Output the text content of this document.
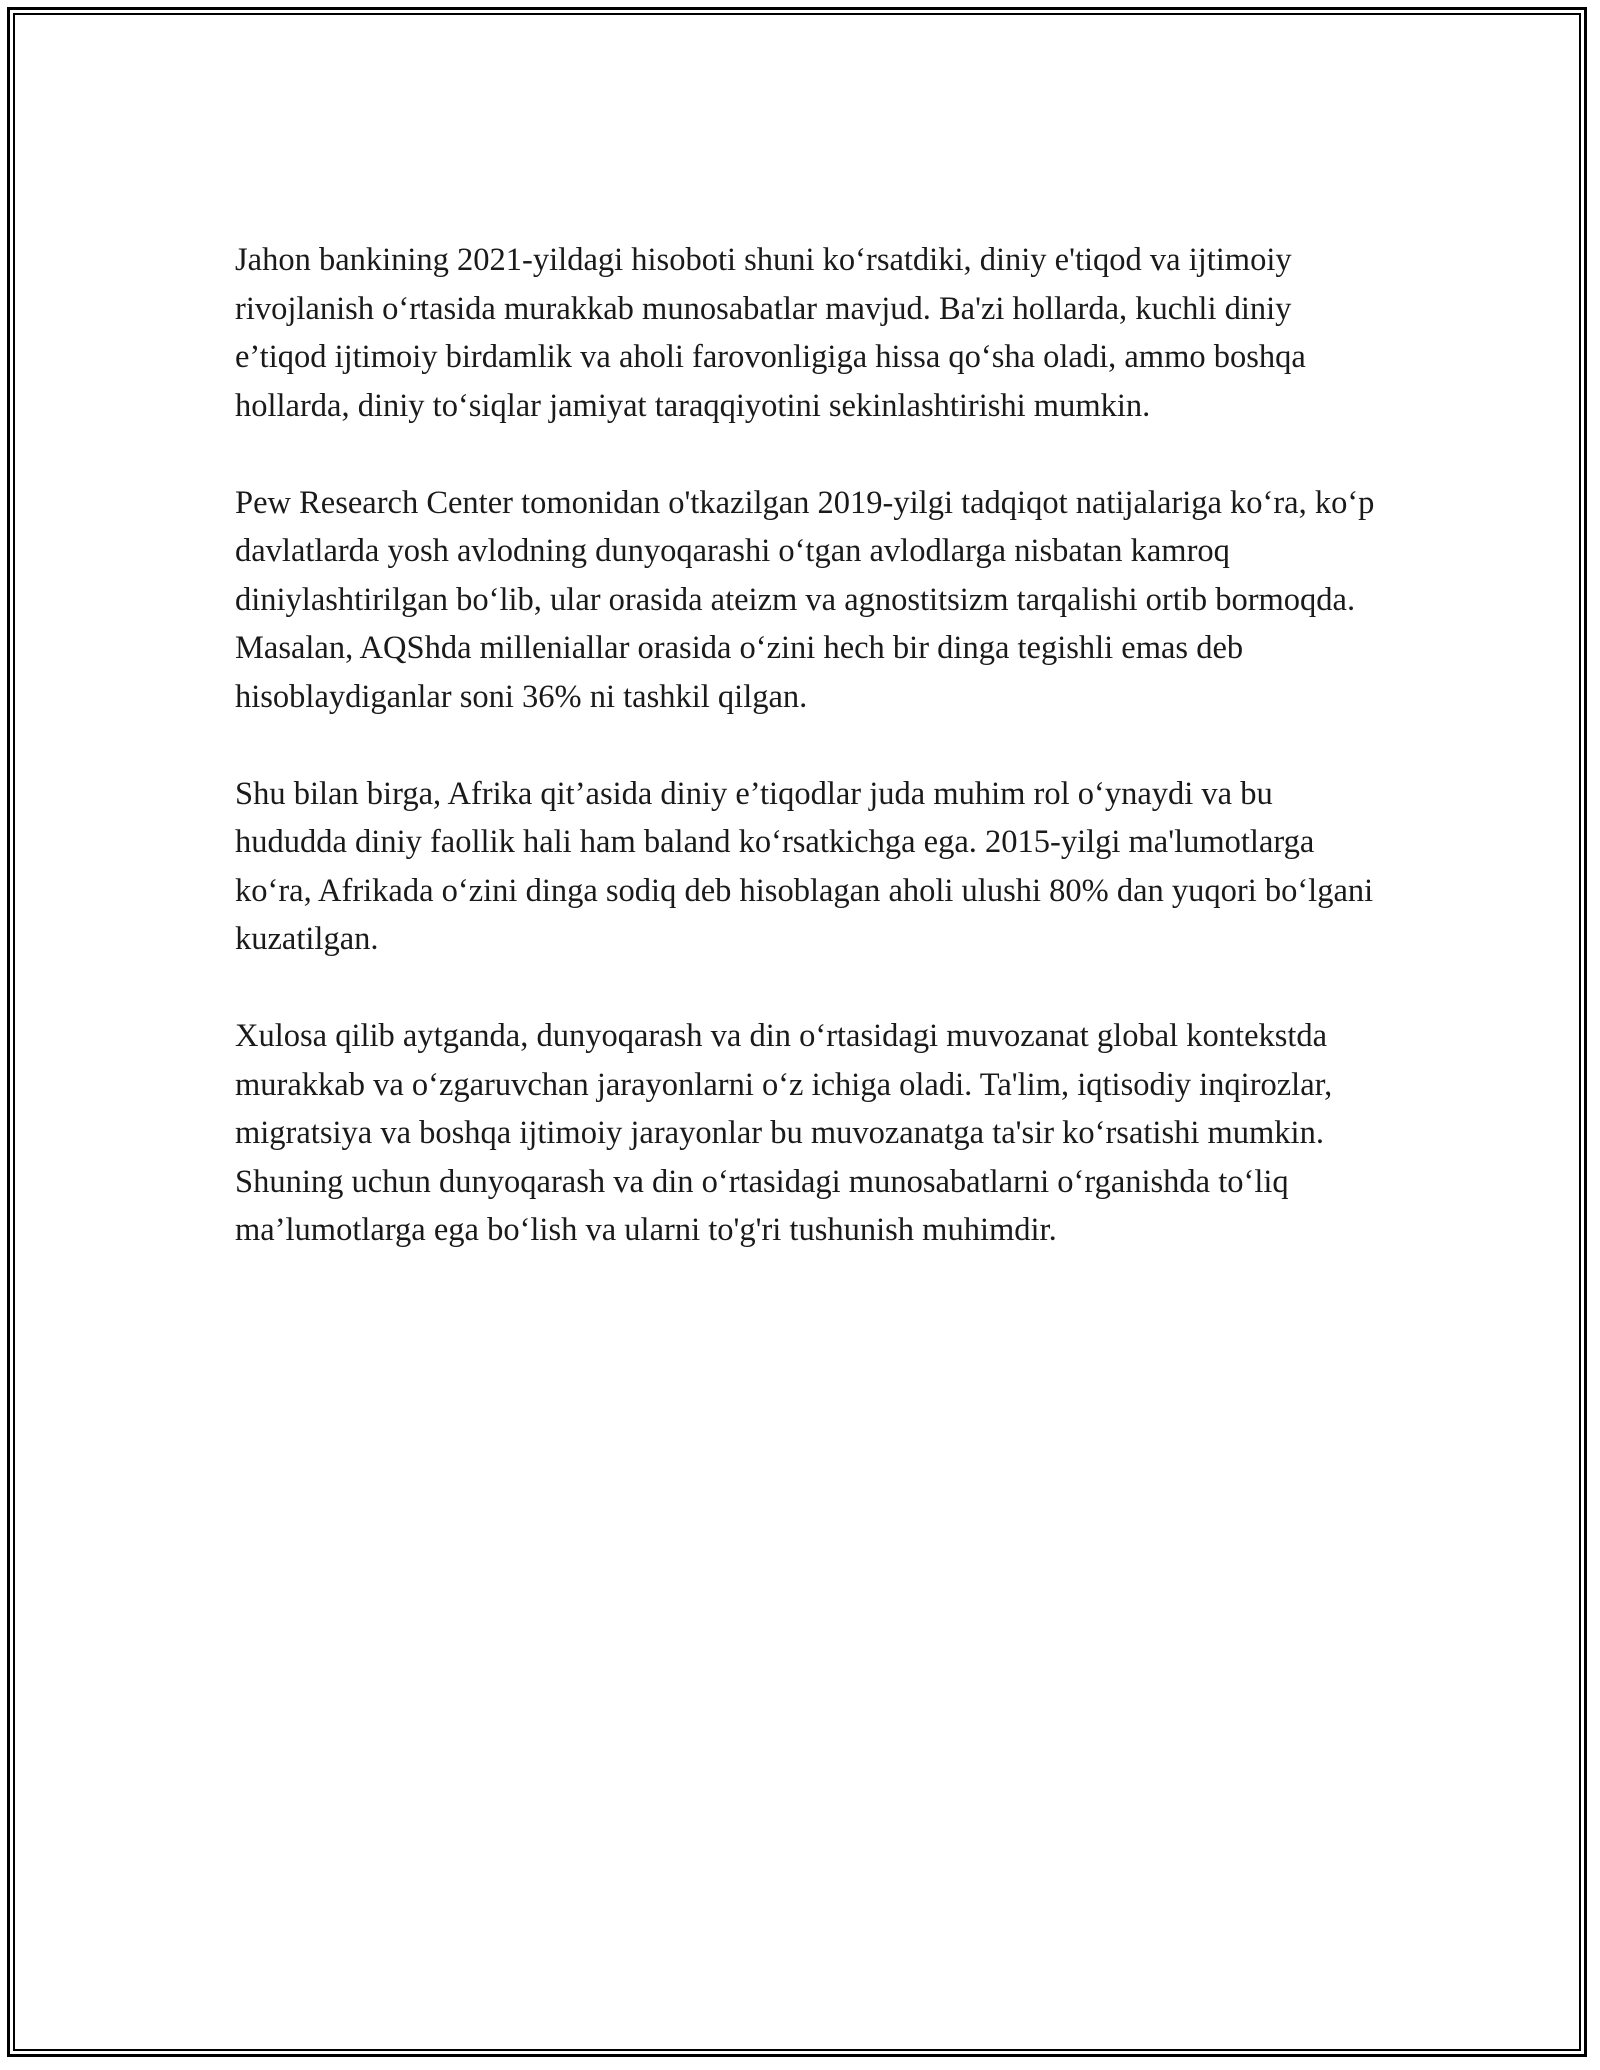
Jahon bankining 2021-yildagi hisoboti shuni ko‘rsatdiki, diniy e'tiqod va ijtimoiy rivojlanish o‘rtasida murakkab munosabatlar mavjud. Ba'zi hollarda, kuchli diniy e’tiqod ijtimoiy birdamlik va aholi farovonligiga hissa qo‘sha oladi, ammo boshqa hollarda, diniy to‘siqlar jamiyat taraqqiyotini sekinlashtirishi mumkin.

Pew Research Center tomonidan o'tkazilgan 2019-yilgi tadqiqot natijalariga ko‘ra, ko‘p davlatlarda yosh avlodning dunyoqarashi o‘tgan avlodlarga nisbatan kamroq diniylashtirilgan bo‘lib, ular orasida ateizm va agnostitsizm tarqalishi ortib bormoqda. Masalan, AQShda milleniallar orasida o‘zini hech bir dinga tegishli emas deb hisoblaydiganlar soni 36% ni tashkil qilgan.

Shu bilan birga, Afrika qit’asida diniy e’tiqodlar juda muhim rol o‘ynaydi va bu hududda diniy faollik hali ham baland ko‘rsatkichga ega. 2015-yilgi ma'lumotlarga ko‘ra, Afrikada o‘zini dinga sodiq deb hisoblagan aholi ulushi 80% dan yuqori bo‘lgani kuzatilgan.

Xulosa qilib aytganda, dunyoqarash va din o‘rtasidagi muvozanat global kontekstda murakkab va o‘zgaruvchan jarayonlarni o‘z ichiga oladi. Ta'lim, iqtisodiy inqirozlar, migratsiya va boshqa ijtimoiy jarayonlar bu muvozanatga ta'sir ko‘rsatishi mumkin. Shuning uchun dunyoqarash va din o‘rtasidagi munosabatlarni o‘rganishda to‘liq ma’lumotlarga ega bo‘lish va ularni to'g'ri tushunish muhimdir.
